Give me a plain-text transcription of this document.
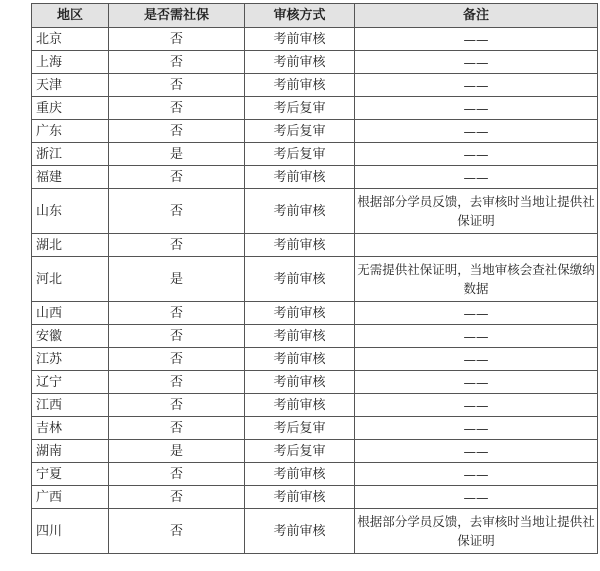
地区	是否需社保	审核方式	备注
北京	否	考前审核	——
上海	否	考前审核	——
天津	否	考前审核	——
重庆	否	考后复审	——
广东	否	考后复审	——
浙江	是	考后复审	——
福建	否	考前审核	——
山东	否	考前审核	根据部分学员反馈，去审核时当地让提供社保证明
湖北	否	考前审核	
河北	是	考前审核	无需提供社保证明，当地审核会查社保缴纳数据
山西	否	考前审核	——
安徽	否	考前审核	——
江苏	否	考前审核	——
辽宁	否	考前审核	——
江西	否	考前审核	——
吉林	否	考后复审	——
湖南	是	考后复审	——
宁夏	否	考前审核	——
广西	否	考前审核	——
四川	否	考前审核	根据部分学员反馈，去审核时当地让提供社保证明
